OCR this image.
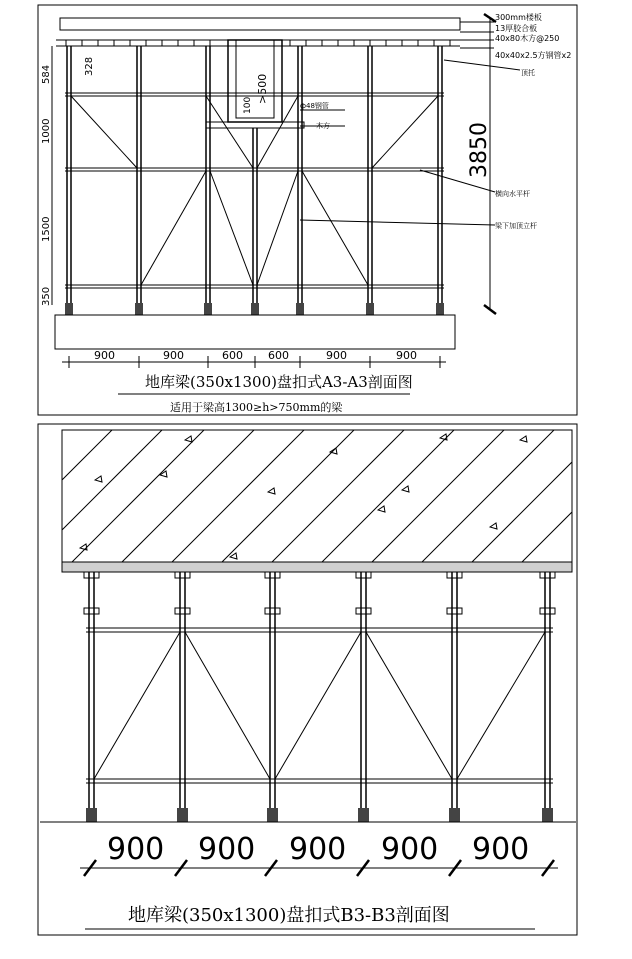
300mm楼板
13厚胶合板
40x80木方@250
40x40x2.5方钢管x2
顶托
ф48钢管
木方
横向水平杆
梁下加顶立杆
>500
100
584	328
1000
1500
350
3850
900	900	600 600	900	900
地库梁(350x1300)盘扣式A3-A3剖面图
适用于梁高1300≥h>750mm的梁
900 900 900 900 900
地库梁(350x1300)盘扣式B3-B3剖面图
